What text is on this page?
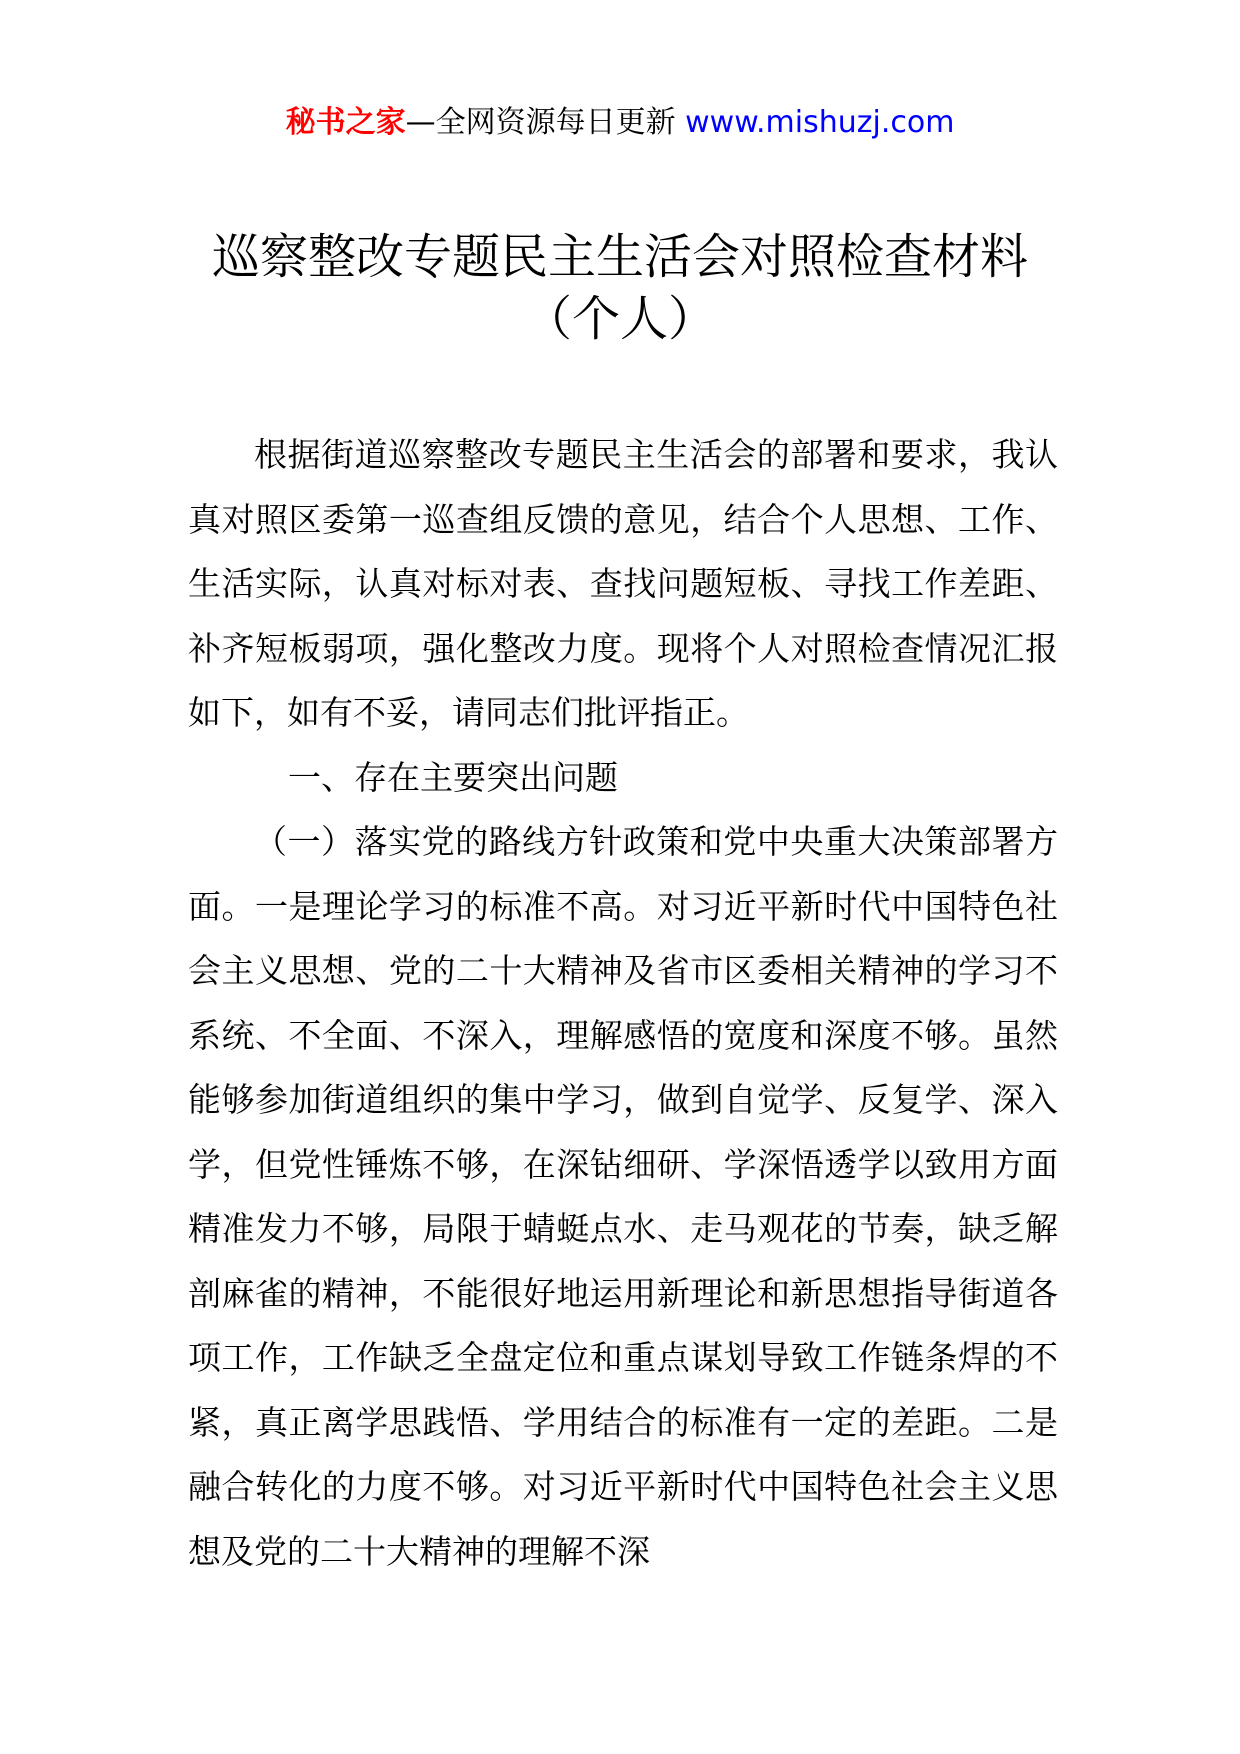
秘书之家—全网资源每日更新 www.mishuzj.com
巡察整改专题民主生活会对照检查材料
（个人）

根据街道巡察整改专题民主生活会的部署和要求，我认真对照区委第一巡查组反馈的意见，结合个人思想、工作、生活实际，认真对标对表、查找问题短板、寻找工作差距、补齐短板弱项，强化整改力度。现将个人对照检查情况汇报如下，如有不妥，请同志们批评指正。

一、存在主要突出问题

（一）落实党的路线方针政策和党中央重大决策部署方面。一是理论学习的标准不高。对习近平新时代中国特色社会主义思想、党的二十大精神及省市区委相关精神的学习不系统、不全面、不深入，理解感悟的宽度和深度不够。虽然能够参加街道组织的集中学习，做到自觉学、反复学、深入学，但党性锤炼不够，在深钻细研、学深悟透学以致用方面精准发力不够，局限于蜻蜓点水、走马观花的节奏，缺乏解剖麻雀的精神，不能很好地运用新理论和新思想指导街道各项工作，工作缺乏全盘定位和重点谋划导致工作链条焊的不紧，真正离学思践悟、学用结合的标准有一定的差距。二是融合转化的力度不够。对习近平新时代中国特色社会主义思想及党的二十大精神的理解不深
